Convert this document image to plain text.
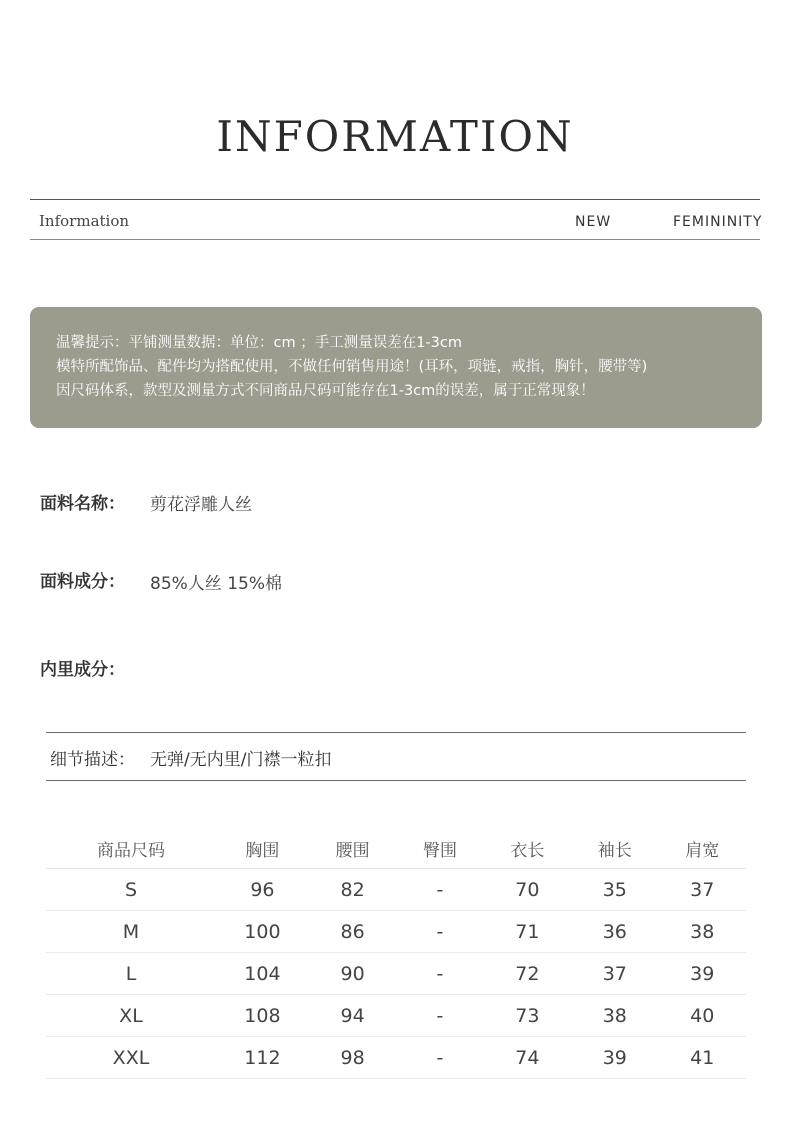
INFORMATION
Information	NEW	FEMININITY
温馨提示：平铺测量数据：单位：cm ；手工测量误差在1-3cm
模特所配饰品、配件均为搭配使用，不做任何销售用途！(耳环，项链，戒指，胸针，腰带等)
因尺码体系，款型及测量方式不同商品尺码可能存在1-3cm的误差，属于正常现象！
面料名称： 剪花浮雕人丝
面料成分： 85%人丝 15%棉
内里成分：
细节描述： 无弹/无内里/门襟一粒扣
商品尺码	胸围	腰围	臀围	衣长	袖长	肩宽
S	96	82	-	70	35	37
M	100	86	-	71	36	38
L	104	90	-	72	37	39
XL	108	94	-	73	38	40
XXL	112	98	-	74	39	41
